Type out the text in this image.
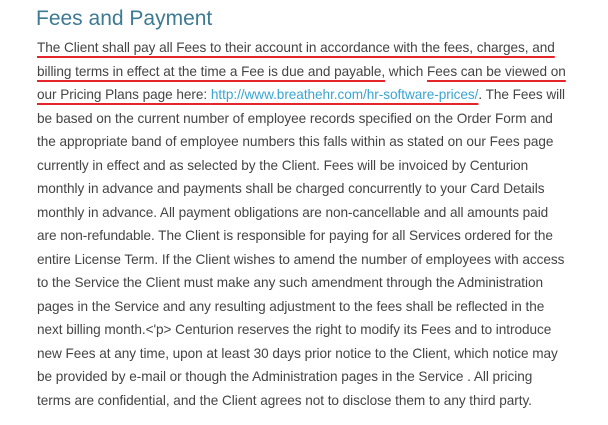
Fees and Payment
The Client shall pay all Fees to their account in accordance with the fees, charges, and
billing terms in effect at the time a Fee is due and payable, which Fees can be viewed on
our Pricing Plans page here: http://www.breathehr.com/hr-software-prices/. The Fees will
be based on the current number of employee records specified on the Order Form and
the appropriate band of employee numbers this falls within as stated on our Fees page
currently in effect and as selected by the Client. Fees will be invoiced by Centurion
monthly in advance and payments shall be charged concurrently to your Card Details
monthly in advance. All payment obligations are non-cancellable and all amounts paid
are non-refundable. The Client is responsible for paying for all Services ordered for the
entire License Term. If the Client wishes to amend the number of employees with access
to the Service the Client must make any such amendment through the Administration
pages in the Service and any resulting adjustment to the fees shall be reflected in the
next billing month.<'p> Centurion reserves the right to modify its Fees and to introduce
new Fees at any time, upon at least 30 days prior notice to the Client, which notice may
be provided by e-mail or though the Administration pages in the Service . All pricing
terms are confidential, and the Client agrees not to disclose them to any third party.
